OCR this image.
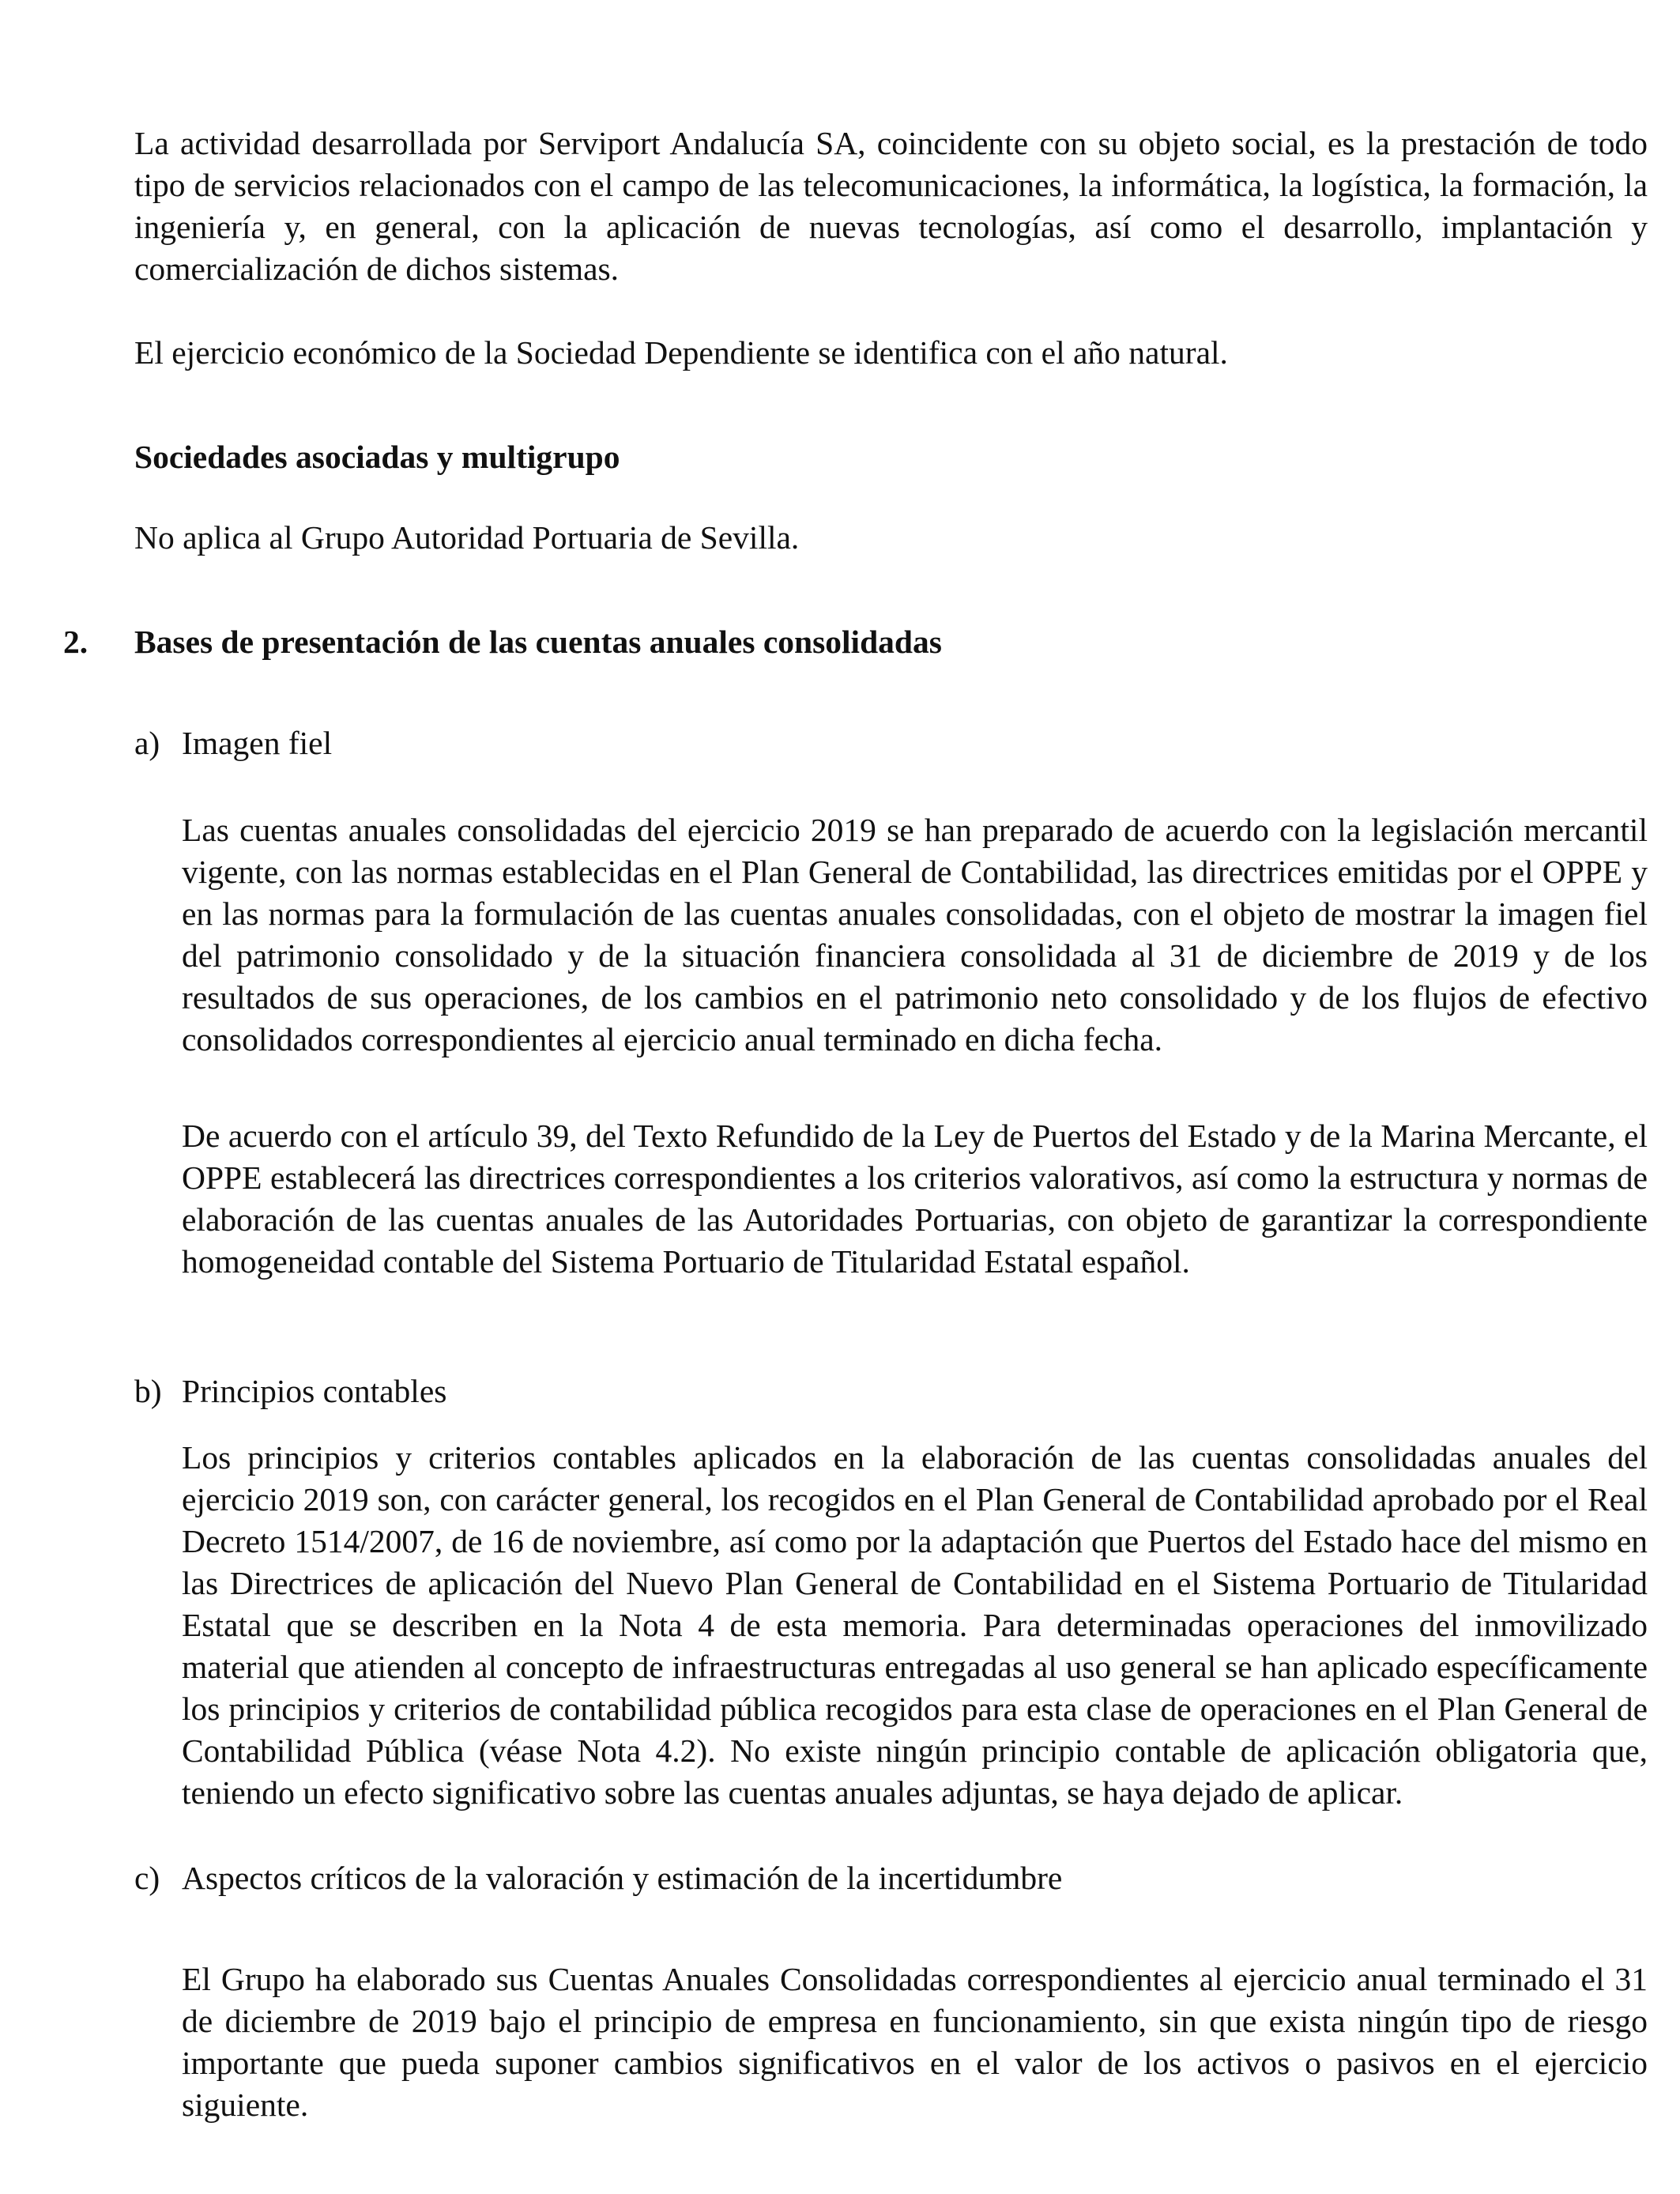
La actividad desarrollada por Serviport Andalucía SA, coincidente con su objeto social, es la prestación de todo tipo de servicios relacionados con el campo de las telecomunicaciones, la informática, la logística, la formación, la ingeniería y, en general, con la aplicación de nuevas tecnologías, así como el desarrollo, implantación y comercialización de dichos sistemas.

El ejercicio económico de la Sociedad Dependiente se identifica con el año natural.

Sociedades asociadas y multigrupo

No aplica al Grupo Autoridad Portuaria de Sevilla.

2. Bases de presentación de las cuentas anuales consolidadas
a) Imagen fiel

Las cuentas anuales consolidadas del ejercicio 2019 se han preparado de acuerdo con la legislación mercantil vigente, con las normas establecidas en el Plan General de Contabilidad, las directrices emitidas por el OPPE y en las normas para la formulación de las cuentas anuales consolidadas, con el objeto de mostrar la imagen fiel del patrimonio consolidado y de la situación financiera consolidada al 31 de diciembre de 2019 y de los resultados de sus operaciones, de los cambios en el patrimonio neto consolidado y de los flujos de efectivo consolidados correspondientes al ejercicio anual terminado en dicha fecha.

De acuerdo con el artículo 39, del Texto Refundido de la Ley de Puertos del Estado y de la Marina Mercante, el OPPE establecerá las directrices correspondientes a los criterios valorativos, así como la estructura y normas de elaboración de las cuentas anuales de las Autoridades Portuarias, con objeto de garantizar la correspondiente homogeneidad contable del Sistema Portuario de Titularidad Estatal español.

b) Principios contables

Los principios y criterios contables aplicados en la elaboración de las cuentas consolidadas anuales del ejercicio 2019 son, con carácter general, los recogidos en el Plan General de Contabilidad aprobado por el Real Decreto 1514/2007, de 16 de noviembre, así como por la adaptación que Puertos del Estado hace del mismo en las Directrices de aplicación del Nuevo Plan General de Contabilidad en el Sistema Portuario de Titularidad Estatal que se describen en la Nota 4 de esta memoria. Para determinadas operaciones del inmovilizado material que atienden al concepto de infraestructuras entregadas al uso general se han aplicado específicamente los principios y criterios de contabilidad pública recogidos para esta clase de operaciones en el Plan General de Contabilidad Pública (véase Nota 4.2). No existe ningún principio contable de aplicación obligatoria que, teniendo un efecto significativo sobre las cuentas anuales adjuntas, se haya dejado de aplicar.

c) Aspectos críticos de la valoración y estimación de la incertidumbre

El Grupo ha elaborado sus Cuentas Anuales Consolidadas correspondientes al ejercicio anual terminado el 31 de diciembre de 2019 bajo el principio de empresa en funcionamiento, sin que exista ningún tipo de riesgo importante que pueda suponer cambios significativos en el valor de los activos o pasivos en el ejercicio siguiente.
